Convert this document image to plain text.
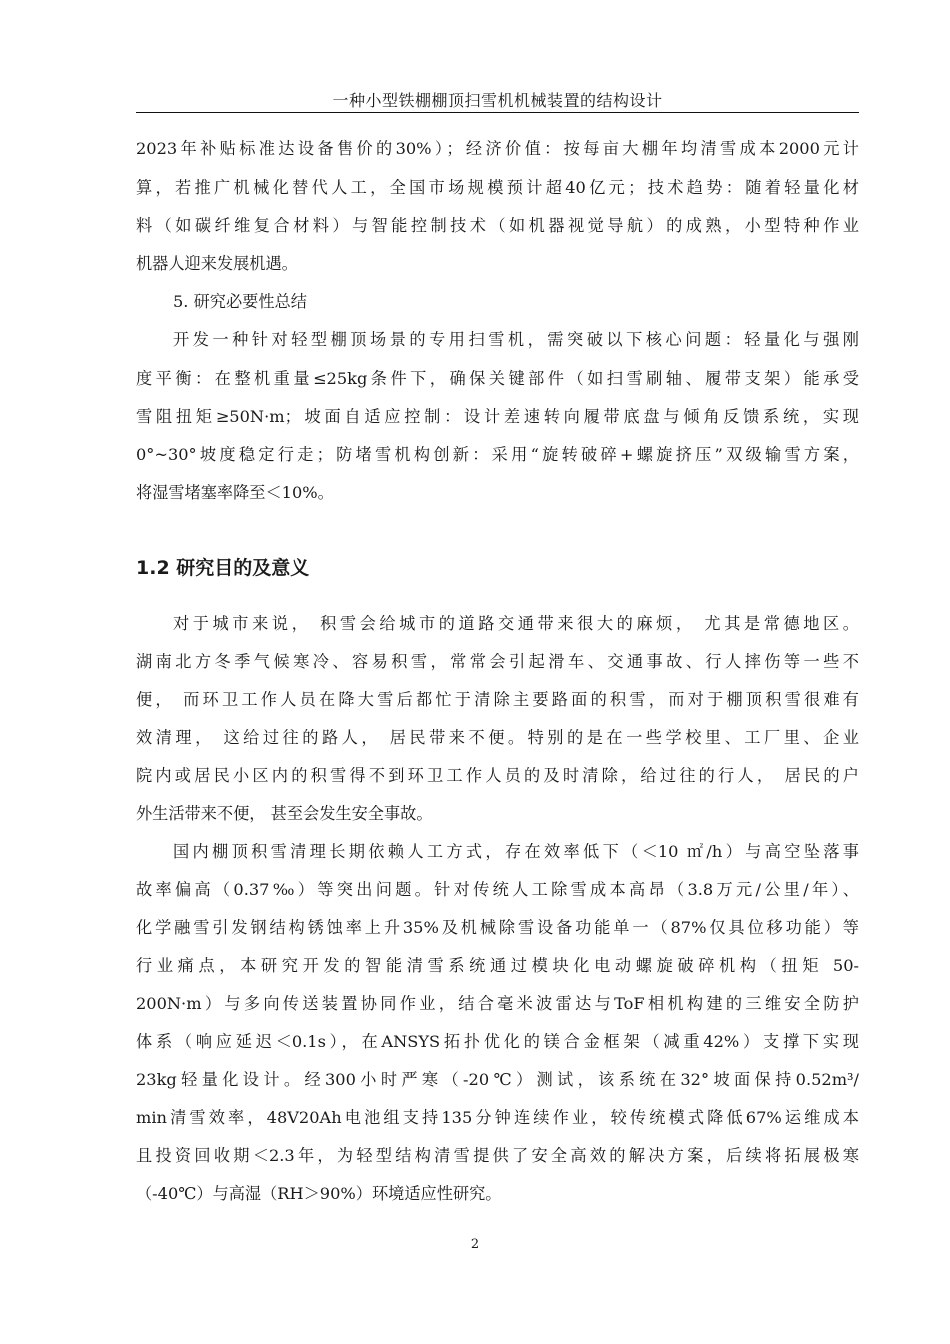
一种小型铁棚棚顶扫雪机机械装置的结构设计
2023年补贴标准达设备售价的30%）；经济价值：按每亩大棚年均清雪成本2000元计
算，若推广机械化替代人工，全国市场规模预计超40亿元；技术趋势：随着轻量化材
料（如碳纤维复合材料）与智能控制技术（如机器视觉导航）的成熟，小型特种作业
机器人迎来发展机遇。
5. 研究必要性总结
开发一种针对轻型棚顶场景的专用扫雪机，需突破以下核心问题：轻量化与强刚
度平衡：在整机重量≤25kg条件下，确保关键部件（如扫雪刷轴、履带支架）能承受
雪阻扭矩≥50N·m；坡面自适应控制：设计差速转向履带底盘与倾角反馈系统，实现
0°~30°坡度稳定行走；防堵雪机构创新：采用“旋转破碎+螺旋挤压”双级输雪方案，
将湿雪堵塞率降至＜10%。
1.2 研究目的及意义
对于城市来说， 积雪会给城市的道路交通带来很大的麻烦， 尤其是常德地区。
湖南北方冬季气候寒冷、容易积雪，常常会引起滑车、交通事故、行人摔伤等一些不
便， 而环卫工作人员在降大雪后都忙于清除主要路面的积雪，而对于棚顶积雪很难有
效清理， 这给过往的路人， 居民带来不便。特别的是在一些学校里、工厂里、企业
院内或居民小区内的积雪得不到环卫工作人员的及时清除，给过往的行人， 居民的户
外生活带来不便， 甚至会发生安全事故。
国内棚顶积雪清理长期依赖人工方式，存在效率低下（＜10 ㎡/h）与高空坠落事
故率偏高（0.37‰）等突出问题。针对传统人工除雪成本高昂（3.8万元/公里/年）、
化学融雪引发钢结构锈蚀率上升35%及机械除雪设备功能单一（87%仅具位移功能）等
行业痛点，本研究开发的智能清雪系统通过模块化电动螺旋破碎机构（扭矩 50-
200N·m）与多向传送装置协同作业，结合毫米波雷达与ToF相机构建的三维安全防护
体系（响应延迟＜0.1s），在ANSYS拓扑优化的镁合金框架（减重42%）支撑下实现
23kg轻量化设计。经300小时严寒（-20℃）测试，该系统在32°坡面保持0.52m³/
min清雪效率，48V20Ah电池组支持135分钟连续作业，较传统模式降低67%运维成本
且投资回收期＜2.3年，为轻型结构清雪提供了安全高效的解决方案，后续将拓展极寒
（-40℃）与高湿（RH＞90%）环境适应性研究。
2
